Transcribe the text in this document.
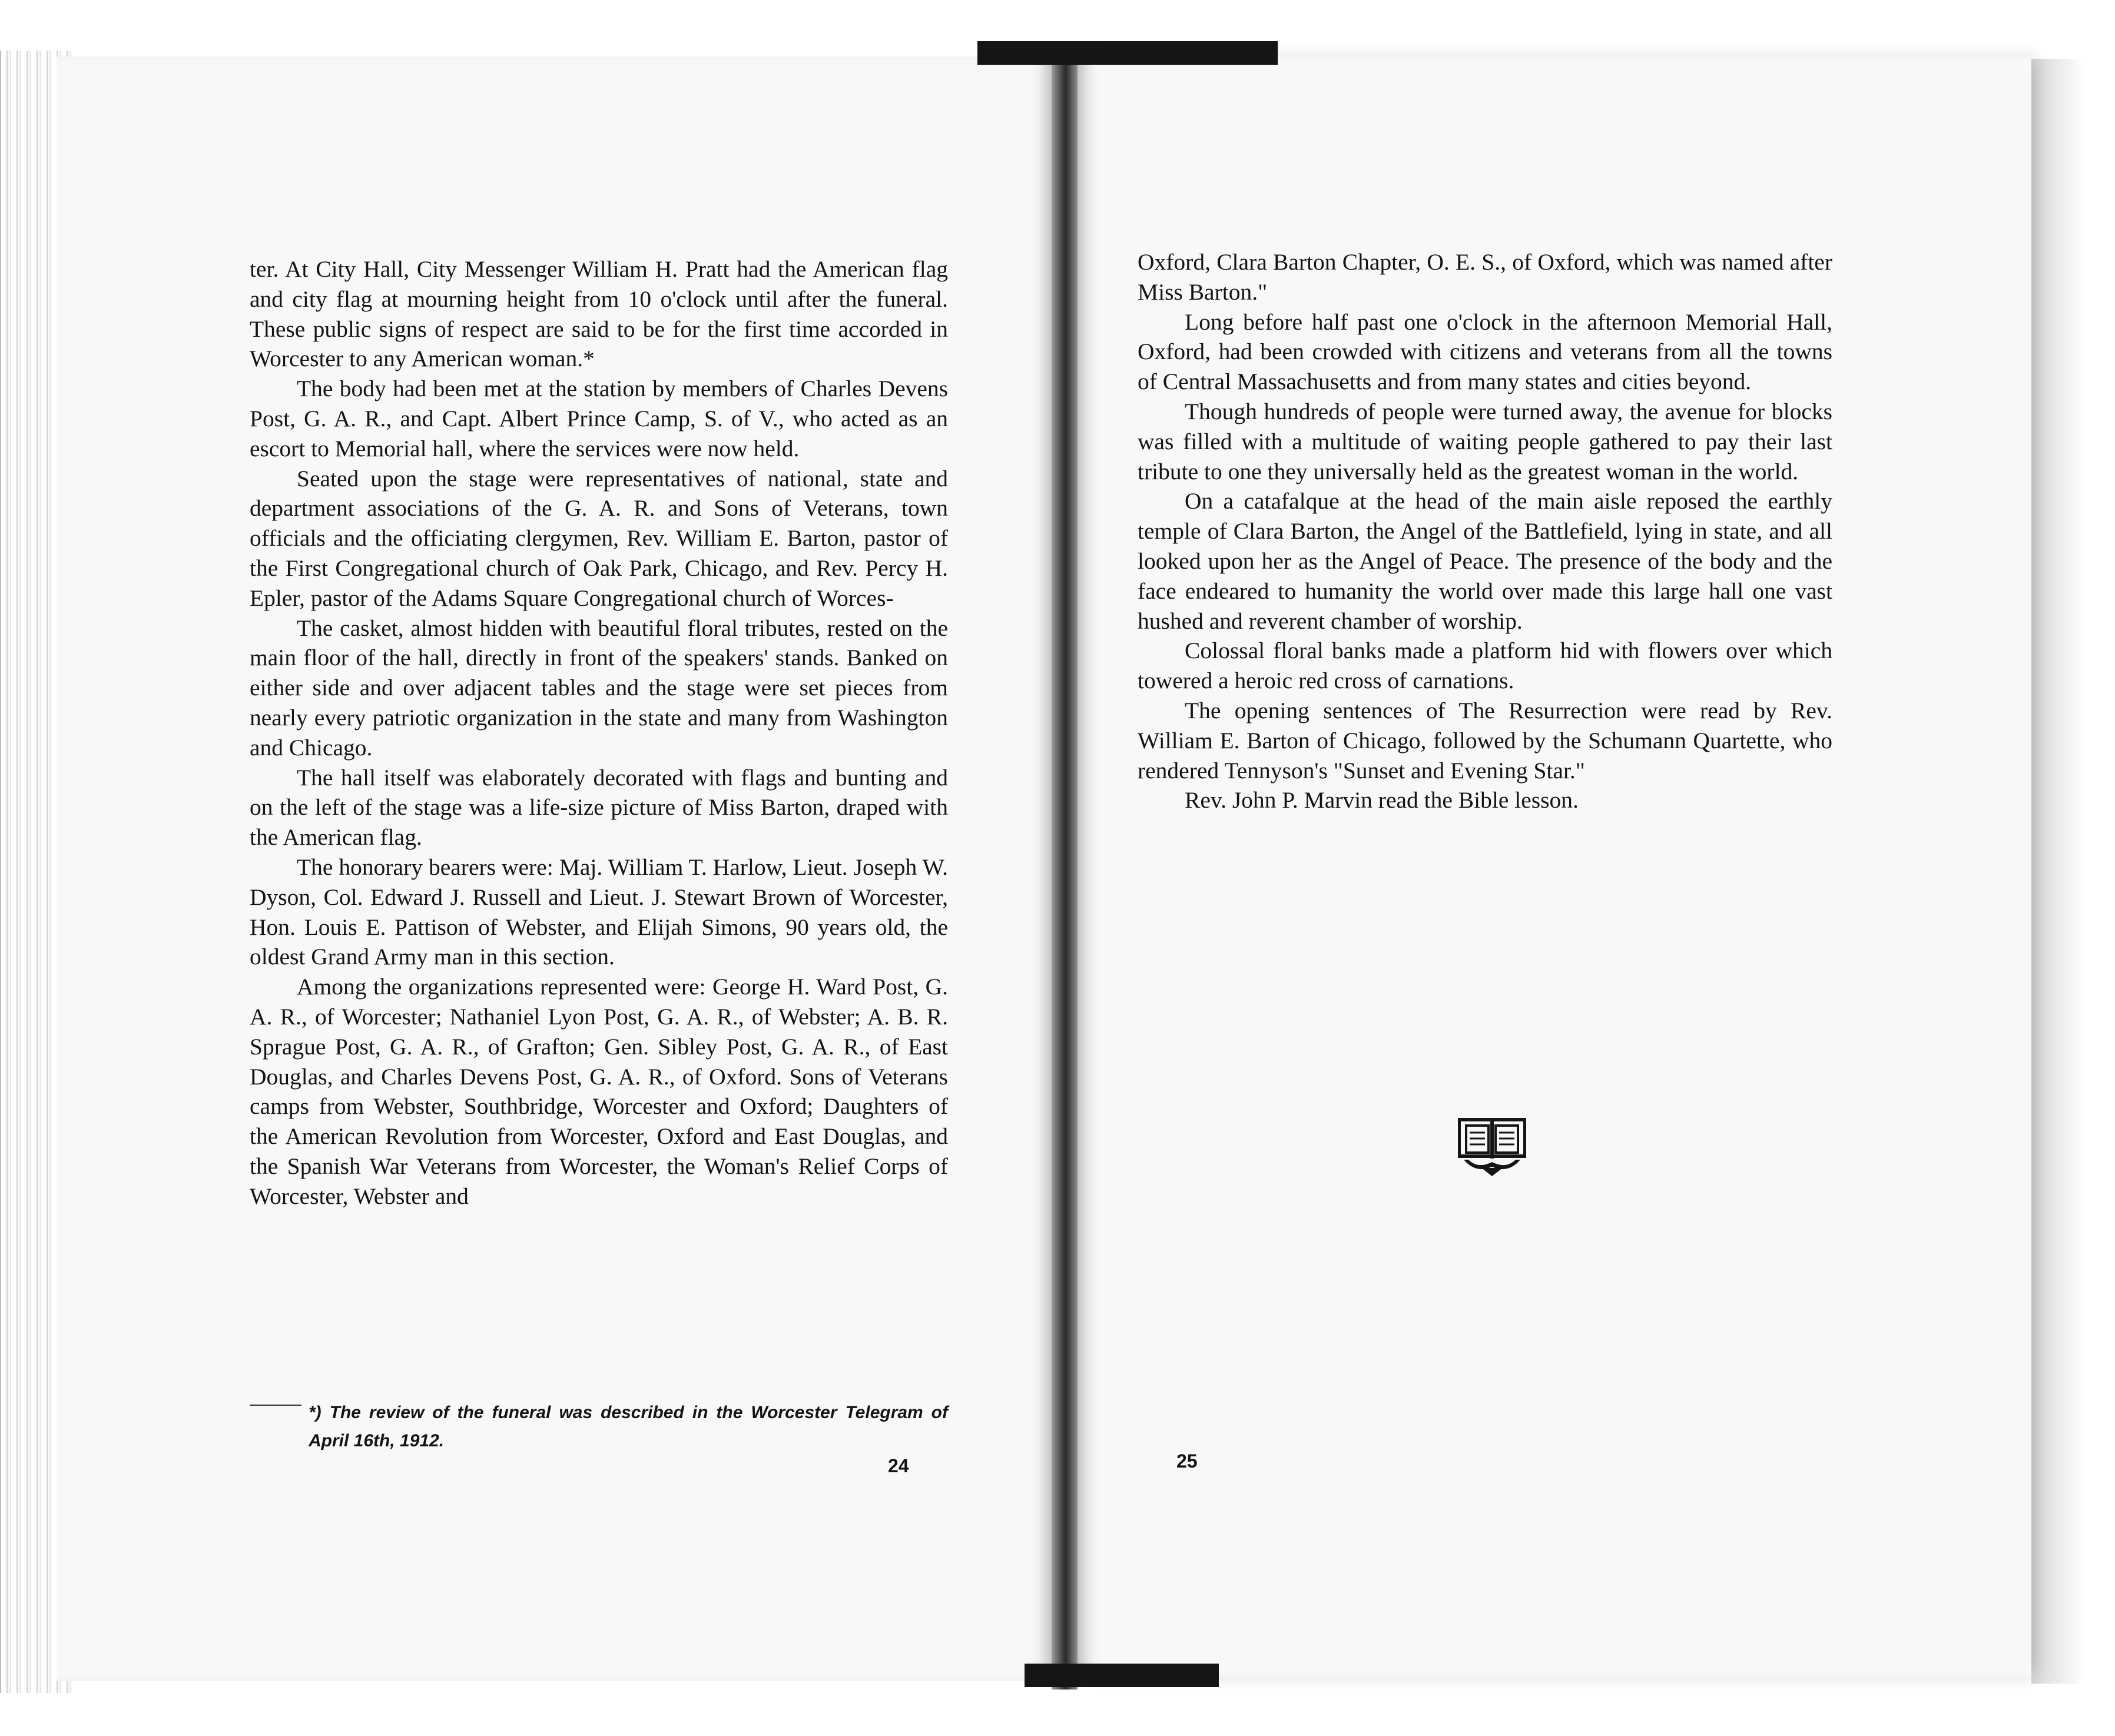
ter. At City Hall, City Messenger William H. Pratt had the American flag and city flag at mourning height from 10 o'clock until after the funeral. These public signs of respect are said to be for the first time accorded in Worcester to any American woman.*

The body had been met at the station by members of Charles Devens Post, G. A. R., and Capt. Albert Prince Camp, S. of V., who acted as an escort to Memorial hall, where the services were now held.

Seated upon the stage were representatives of national, state and department associations of the G. A. R. and Sons of Veterans, town officials and the officiating clergymen, Rev. William E. Barton, pastor of the First Congregational church of Oak Park, Chicago, and Rev. Percy H. Epler, pastor of the Adams Square Congregational church of Worces-

The casket, almost hidden with beautiful floral tributes, rested on the main floor of the hall, directly in front of the speakers' stands. Banked on either side and over adjacent tables and the stage were set pieces from nearly every patriotic organization in the state and many from Washington and Chicago.

The hall itself was elaborately decorated with flags and bunting and on the left of the stage was a life-size picture of Miss Barton, draped with the American flag.

The honorary bearers were: Maj. William T. Harlow, Lieut. Joseph W. Dyson, Col. Edward J. Russell and Lieut. J. Stewart Brown of Worcester, Hon. Louis E. Pattison of Webster, and Elijah Simons, 90 years old, the oldest Grand Army man in this section.

Among the organizations represented were: George H. Ward Post, G. A. R., of Worcester; Nathaniel Lyon Post, G. A. R., of Webster; A. B. R. Sprague Post, G. A. R., of Grafton; Gen. Sibley Post, G. A. R., of East Douglas, and Charles Devens Post, G. A. R., of Oxford. Sons of Veterans camps from Webster, Southbridge, Worcester and Oxford; Daughters of the American Revolution from Worcester, Oxford and East Douglas, and the Spanish War Veterans from Worcester, the Woman's Relief Corps of Worcester, Webster and

*) The review of the funeral was described in the Worcester Telegram of April 16th, 1912.

24

Oxford, Clara Barton Chapter, O. E. S., of Oxford, which was named after Miss Barton."

Long before half past one o'clock in the afternoon Memorial Hall, Oxford, had been crowded with citizens and veterans from all the towns of Central Massachusetts and from many states and cities beyond.

Though hundreds of people were turned away, the avenue for blocks was filled with a multitude of waiting people gathered to pay their last tribute to one they universally held as the greatest woman in the world.

On a catafalque at the head of the main aisle reposed the earthly temple of Clara Barton, the Angel of the Battlefield, lying in state, and all looked upon her as the Angel of Peace. The presence of the body and the face endeared to humanity the world over made this large hall one vast hushed and reverent chamber of worship.

Colossal floral banks made a platform hid with flowers over which towered a heroic red cross of carnations.

The opening sentences of The Resurrection were read by Rev. William E. Barton of Chicago, followed by the Schumann Quartette, who rendered Tennyson's "Sunset and Evening Star."

Rev. John P. Marvin read the Bible lesson.

25
